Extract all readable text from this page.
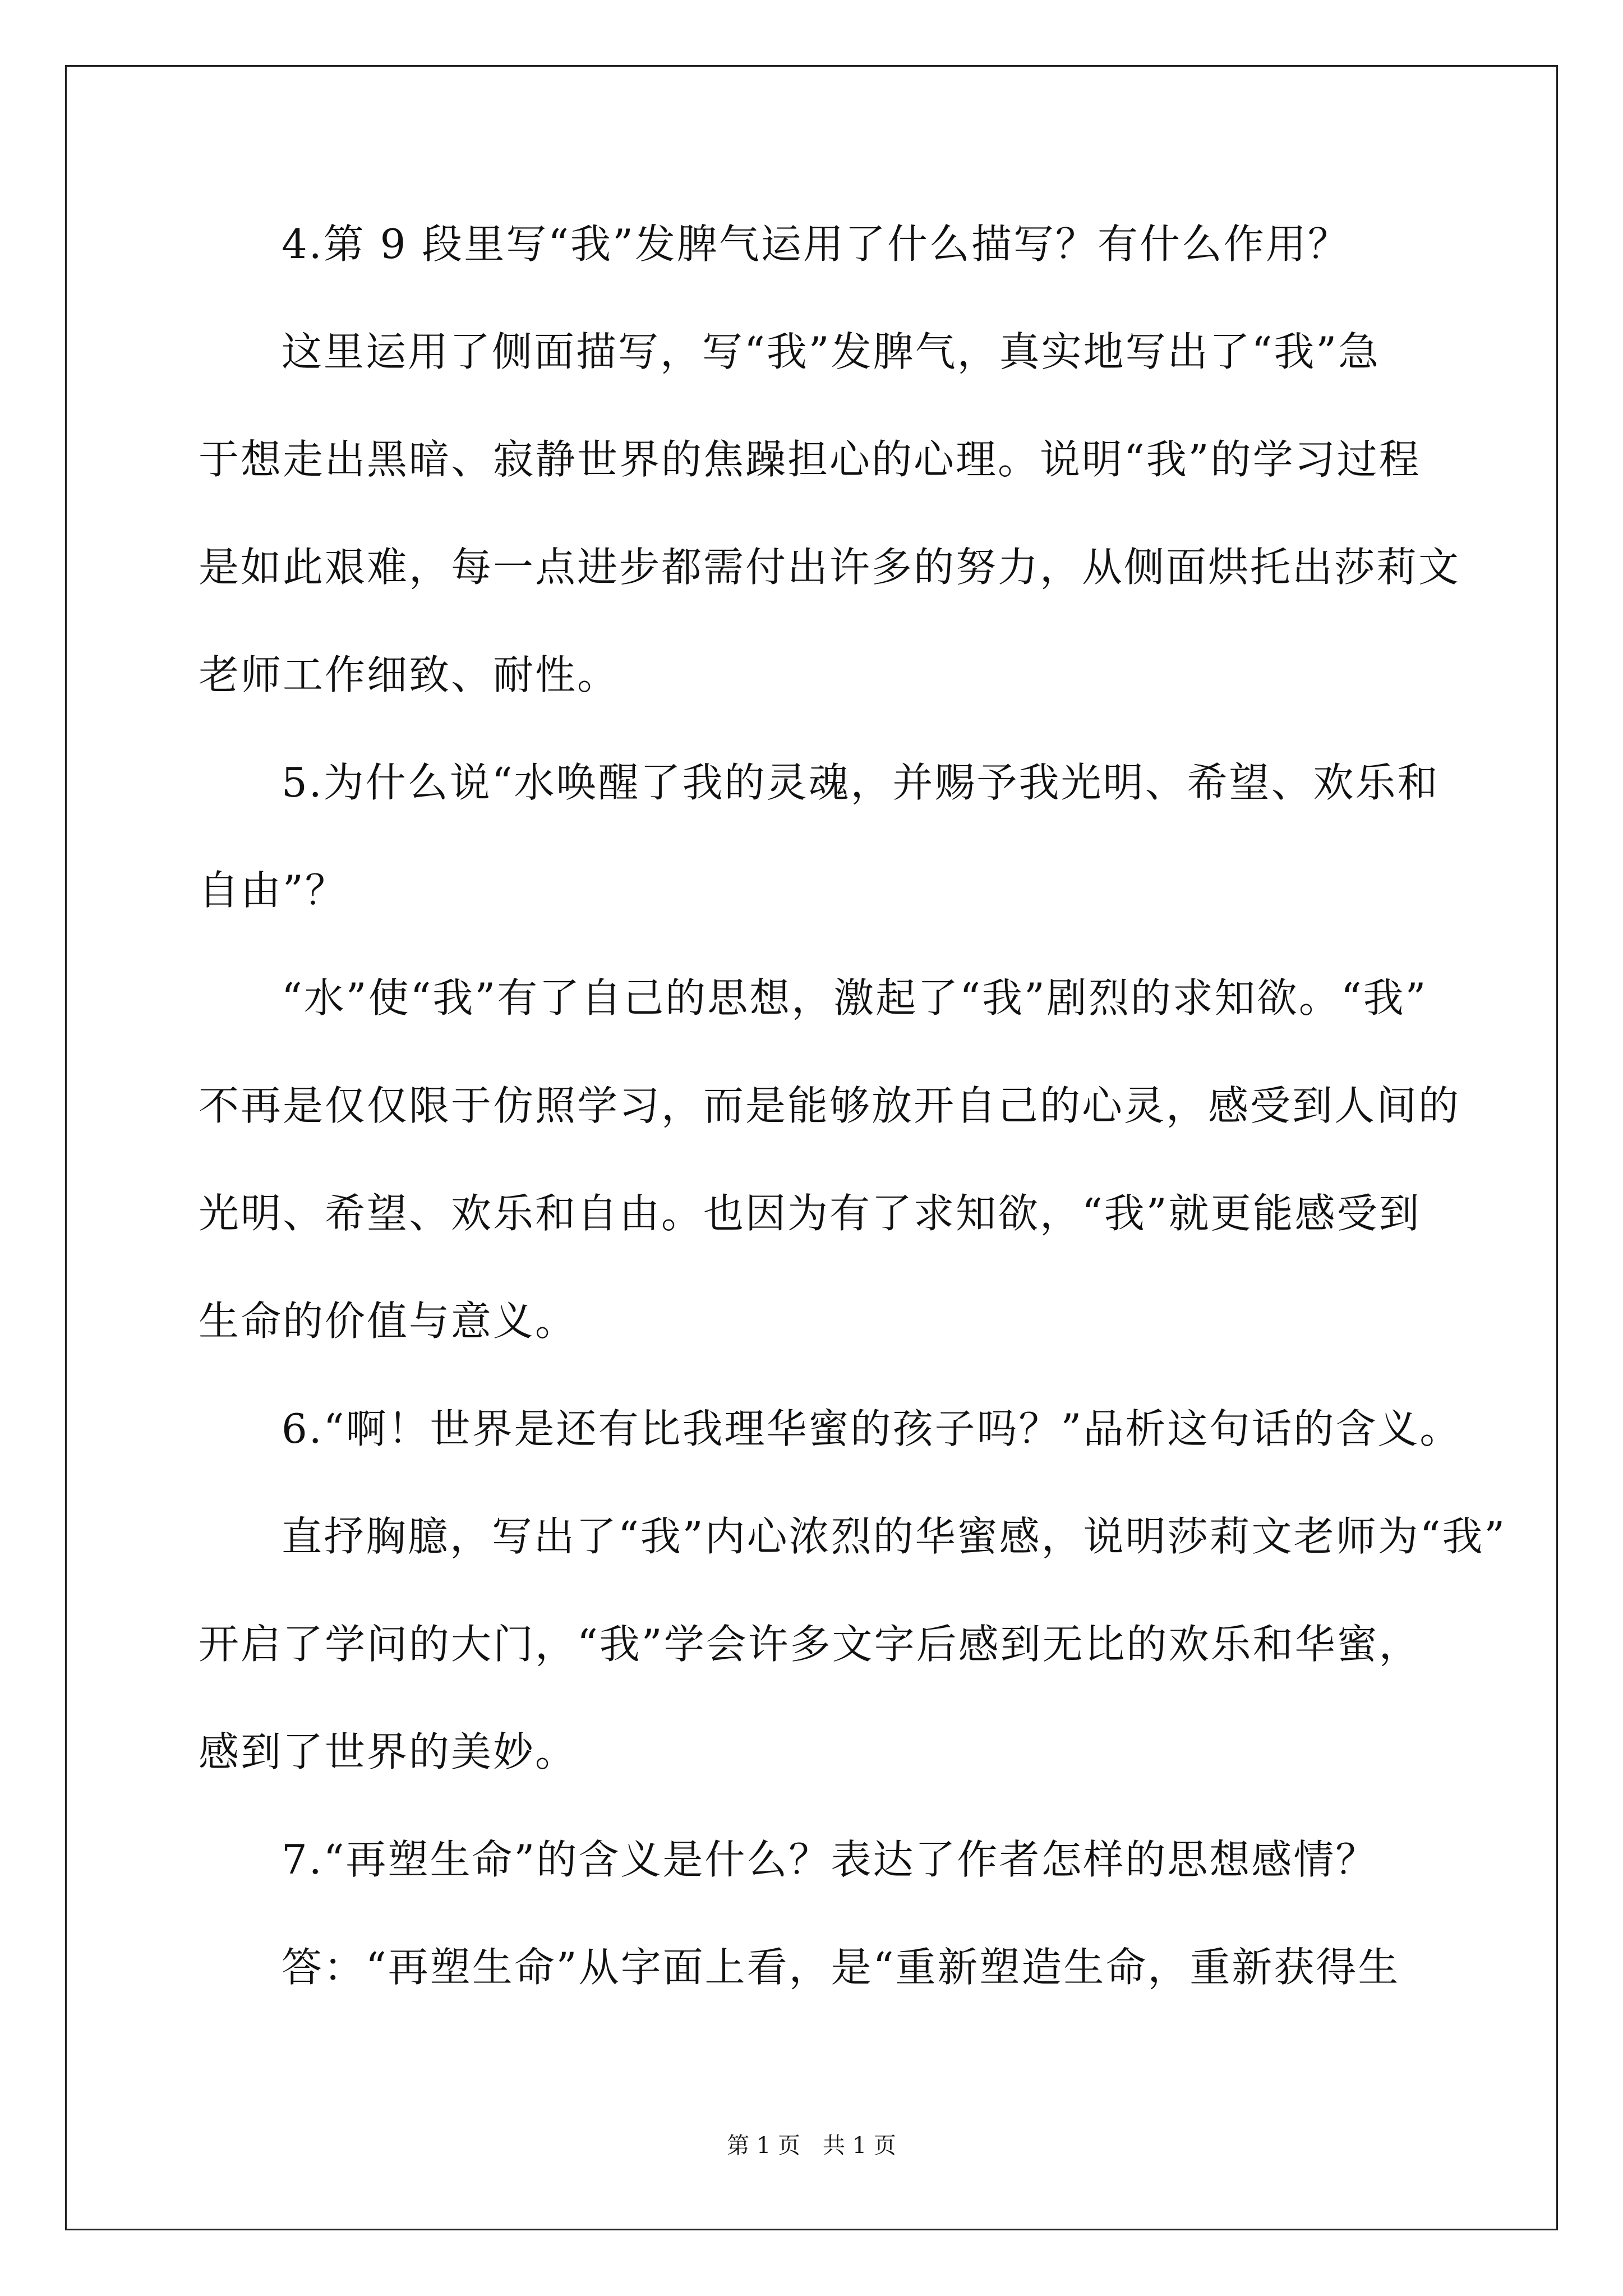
4.第 9 段里写“我”发脾气运用了什么描写？有什么作用？
这里运用了侧面描写，写“我”发脾气，真实地写出了“我”急
于想走出黑暗、寂静世界的焦躁担心的心理。说明“我”的学习过程
是如此艰难，每一点进步都需付出许多的努力，从侧面烘托出莎莉文
老师工作细致、耐性。
5.为什么说“水唤醒了我的灵魂，并赐予我光明、希望、欢乐和
自由”？
“水”使“我”有了自己的思想，激起了“我”剧烈的求知欲。“我”
不再是仅仅限于仿照学习，而是能够放开自己的心灵，感受到人间的
光明、希望、欢乐和自由。也因为有了求知欲，“我”就更能感受到
生命的价值与意义。
6.“啊！世界是还有比我理华蜜的孩子吗？”品析这句话的含义。
直抒胸臆，写出了“我”内心浓烈的华蜜感，说明莎莉文老师为“我”
开启了学问的大门，“我”学会许多文字后感到无比的欢乐和华蜜，
感到了世界的美妙。
7.“再塑生命”的含义是什么？表达了作者怎样的思想感情？
答：“再塑生命”从字面上看，是“重新塑造生命，重新获得生
第 1 页　共 1 页
